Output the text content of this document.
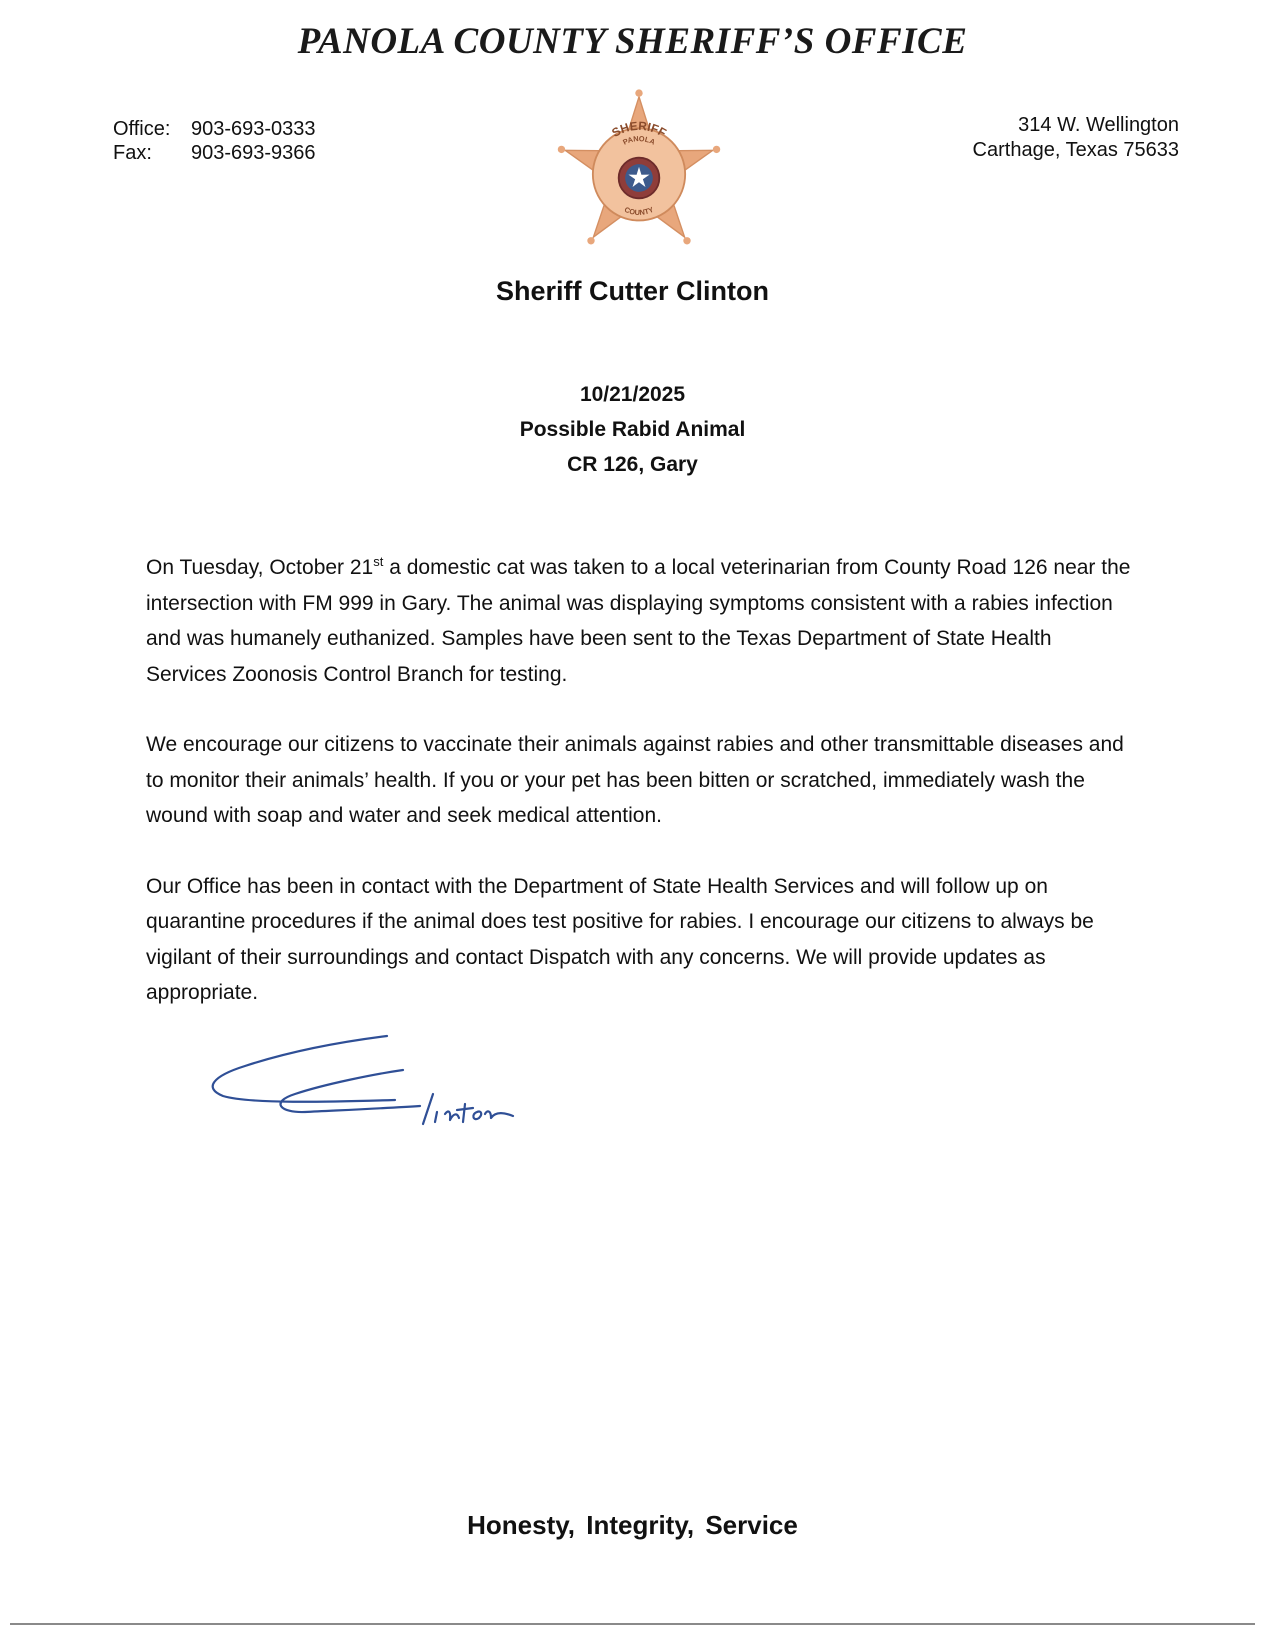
PANOLA COUNTY SHERIFF’S OFFICE
Office:	903-693-0333
Fax:	903-693-9366
314 W. Wellington
Carthage, Texas 75633
SHERIFF
PANOLA
COUNTY
Sheriff Cutter Clinton
10/21/2025
Possible Rabid Animal
CR 126, Gary

On Tuesday, October 21st a domestic cat was taken to a local veterinarian from County Road 126 near the intersection with FM 999 in Gary. The animal was displaying symptoms consistent with a rabies infection and was humanely euthanized. Samples have been sent to the Texas Department of State Health Services Zoonosis Control Branch for testing.

We encourage our citizens to vaccinate their animals against rabies and other transmittable diseases and to monitor their animals’ health. If you or your pet has been bitten or scratched, immediately wash the wound with soap and water and seek medical attention.

Our Office has been in contact with the Department of State Health Services and will follow up on quarantine procedures if the animal does test positive for rabies. I encourage our citizens to always be vigilant of their surroundings and contact Dispatch with any concerns. We will provide updates as appropriate.

Honesty, Integrity, Service
